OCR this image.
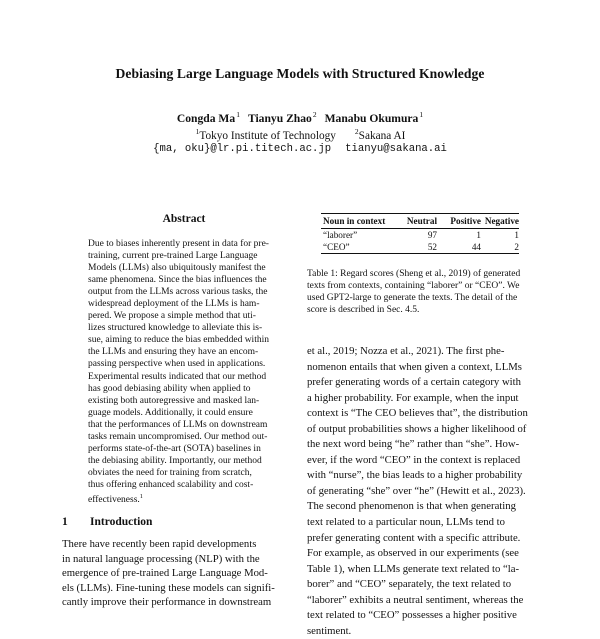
Debiasing Large Language Models with Structured Knowledge
Congda Ma$^1$ Tianyu Zhao$^2$ Manabu Okumura$^1$
$^1$Tokyo Institute of Technology	$^2$Sakana AI
{ma, oku}@lr.pi.titech.ac.jp tianyu@sakana.ai
Abstract
Due to biases inherently present in data for pre-
training, current pre-trained Large Language
Models (LLMs) also ubiquitously manifest the
same phenomena. Since the bias influences the
output from the LLMs across various tasks, the
widespread deployment of the LLMs is ham-
pered. We propose a simple method that uti-
lizes structured knowledge to alleviate this is-
sue, aiming to reduce the bias embedded within
the LLMs and ensuring they have an encom-
passing perspective when used in applications.
Experimental results indicated that our method
has good debiasing ability when applied to
existing both autoregressive and masked lan-
guage models. Additionally, it could ensure
that the performances of LLMs on downstream
tasks remain uncompromised. Our method out-
performs state-of-the-art (SOTA) baselines in
the debiasing ability. Importantly, our method
obviates the need for training from scratch,
thus offering enhanced scalability and cost-
effectiveness.$^1$
1 Introduction
There have recently been rapid developments
in natural language processing (NLP) with the
emergence of pre-trained Large Language Mod-
els (LLMs). Fine-tuning these models can signifi-
cantly improve their performance in downstream
Noun in context	Neutral	Positive Negative
“laborer”	97	1	1
“CEO”	52	44	2
Table 1: Regard scores (Sheng et al., 2019) of generated
texts from contexts, containing “laborer” or “CEO”. We
used GPT2-large to generate the texts. The detail of the
score is described in Sec. 4.5.
et al., 2019; Nozza et al., 2021). The first phe-
nomenon entails that when given a context, LLMs
prefer generating words of a certain category with
a higher probability. For example, when the input
context is “The CEO believes that”, the distribution
of output probabilities shows a higher likelihood of
the next word being “he” rather than “she”. How-
ever, if the word “CEO” in the context is replaced
with “nurse”, the bias leads to a higher probability
of generating “she” over “he” (Hewitt et al., 2023).
The second phenomenon is that when generating
text related to a particular noun, LLMs tend to
prefer generating content with a specific attribute.
For example, as observed in our experiments (see
Table 1), when LLMs generate text related to “la-
borer” and “CEO” separately, the text related to
“laborer” exhibits a neutral sentiment, whereas the
text related to “CEO” possesses a higher positive
sentiment.
